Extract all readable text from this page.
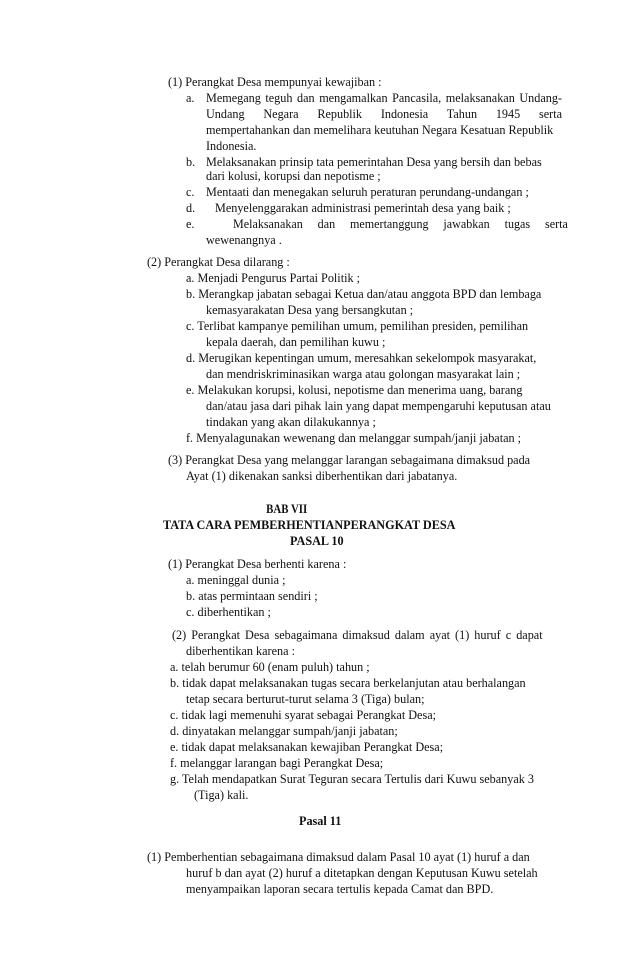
(1) Perangkat Desa mempunyai kewajiban :
a. Memegang teguh dan mengamalkan Pancasila, melaksanakan Undang-
Undang Negara Republik Indonesia Tahun 1945 serta
mempertahankan dan memelihara keutuhan Negara Kesatuan Republik
Indonesia.
b. Melaksanakan prinsip tata pemerintahan Desa yang bersih dan bebas
dari kolusi, korupsi dan nepotisme ;
c. Mentaati dan menegakan seluruh peraturan perundang-undangan ;
d. Menyelenggarakan administrasi pemerintah desa yang baik ;
e.	Melaksanakan dan memertanggung jawabkan tugas serta
wewenangnya .
(2) Perangkat Desa dilarang :
a. Menjadi Pengurus Partai Politik ;
b. Merangkap jabatan sebagai Ketua dan/atau anggota BPD dan lembaga
kemasyarakatan Desa yang bersangkutan ;
c. Terlibat kampanye pemilihan umum, pemilihan presiden, pemilihan
kepala daerah, dan pemilihan kuwu ;
d. Merugikan kepentingan umum, meresahkan sekelompok masyarakat,
dan mendriskriminasikan warga atau golongan masyarakat lain ;
e. Melakukan korupsi, kolusi, nepotisme dan menerima uang, barang
dan/atau jasa dari pihak lain yang dapat mempengaruhi keputusan atau
tindakan yang akan dilakukannya ;
f. Menyalagunakan wewenang dan melanggar sumpah/janji jabatan ;
(3) Perangkat Desa yang melanggar larangan sebagaimana dimaksud pada
Ayat (1) dikenakan sanksi diberhentikan dari jabatanya.
BAB VII
TATA CARA PEMBERHENTIANPERANGKAT DESA
PASAL 10
(1) Perangkat Desa berhenti karena :
a. meninggal dunia ;
b. atas permintaan sendiri ;
c. diberhentikan ;
(2) Perangkat Desa sebagaimana dimaksud dalam ayat (1) huruf c dapat
diberhentikan karena :
a. telah berumur 60 (enam puluh) tahun ;
b. tidak dapat melaksanakan tugas secara berkelanjutan atau berhalangan
tetap secara berturut-turut selama 3 (Tiga) bulan;
c. tidak lagi memenuhi syarat sebagai Perangkat Desa;
d. dinyatakan melanggar sumpah/janji jabatan;
e. tidak dapat melaksanakan kewajiban Perangkat Desa;
f. melanggar larangan bagi Perangkat Desa;
g. Telah mendapatkan Surat Teguran secara Tertulis dari Kuwu sebanyak 3
(Tiga) kali.
Pasal 11
(1) Pemberhentian sebagaimana dimaksud dalam Pasal 10 ayat (1) huruf a dan
huruf b dan ayat (2) huruf a ditetapkan dengan Keputusan Kuwu setelah
menyampaikan laporan secara tertulis kepada Camat dan BPD.
